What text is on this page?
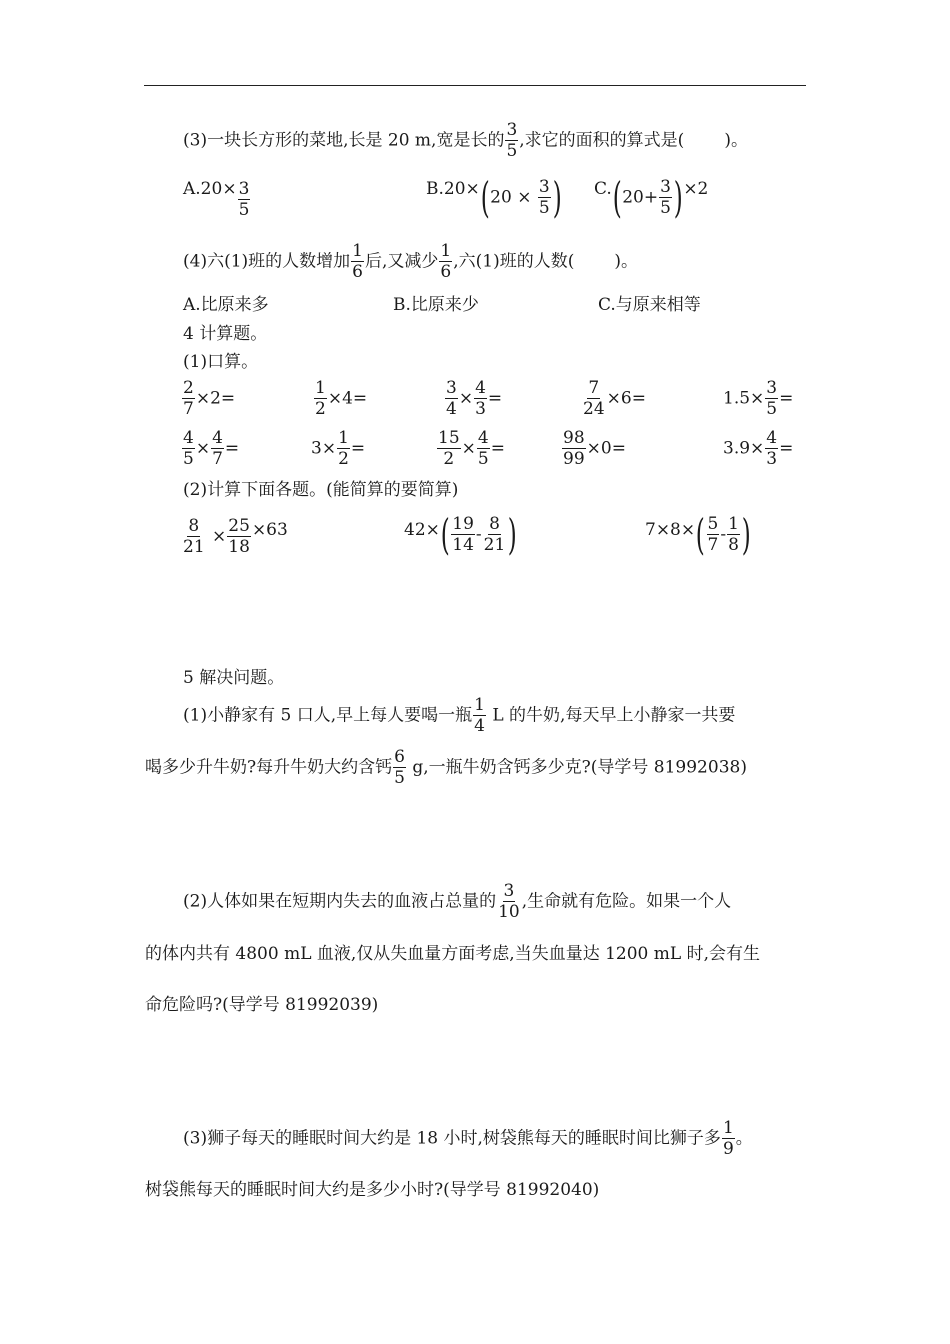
(3)一块长方形的菜地,长是 20 m,宽是长的 $\frac{3}{5}$ ,求它的面积的算式是( )。
$A.20\times \frac{3}{5}$	$B.20\times(20 \times \frac{3}{5}$ ) $C.(20+ \frac{3}{5} )\times 2$
(4)六(1)班的人数增加 $\frac{1}{6}$ 后,又减少 $\frac{1}{6}$ ,六(1)班的人数( )。
A.比原来多	B.比原来少	C.与原来相等
4 计算题。
(1)口算。
$\frac{2}{7} \times 2=$	$\frac{1}{2} \times 4=$	$\frac{3}{4} \times \frac{4}{3}$ =	$\frac{7}{24} \times 6=$	$1.5\times \frac{3}{5}$ =
$\frac{4}{5} \times \frac{4}{7}$ =	$3\times \frac{1}{2}$ =	$\frac{15}{2} \times \frac{4}{5}$ =	$\frac{98}{99} \times 0=$	$3.9\times \frac{4}{3}$ =
(2)计算下面各题。(能简算的要简算)
$\frac{8}{21} \times \frac{25}{18} \times 63$	$42\times( \frac{19}{14} - \frac{8}{21}$ )	$7\times 8\times( \frac{5}{7} - \frac{1}{8}$ )
5 解决问题。
(1)小静家有 5 口人,早上每人要喝一瓶 $\frac{1}{4}$ L 的牛奶,每天早上小静家一共要
喝多少升牛奶?每升牛奶大约含钙 $\frac{6}{5} g$,一瓶牛奶含钙多少克?(导学号 81992038)
(2)人体如果在短期内失去的血液占总量的 $\frac{3}{10}$ ,生命就有危险。如果一个人
的体内共有 4800 mL 血液,仅从失血量方面考虑,当失血量达 1200 mL 时,会有生
命危险吗?(导学号 81992039)
(3)狮子每天的睡眠时间大约是 18 小时,树袋熊每天的睡眠时间比狮子多 $\frac{1}{9}$ 。
树袋熊每天的睡眠时间大约是多少小时?(导学号 81992040)
